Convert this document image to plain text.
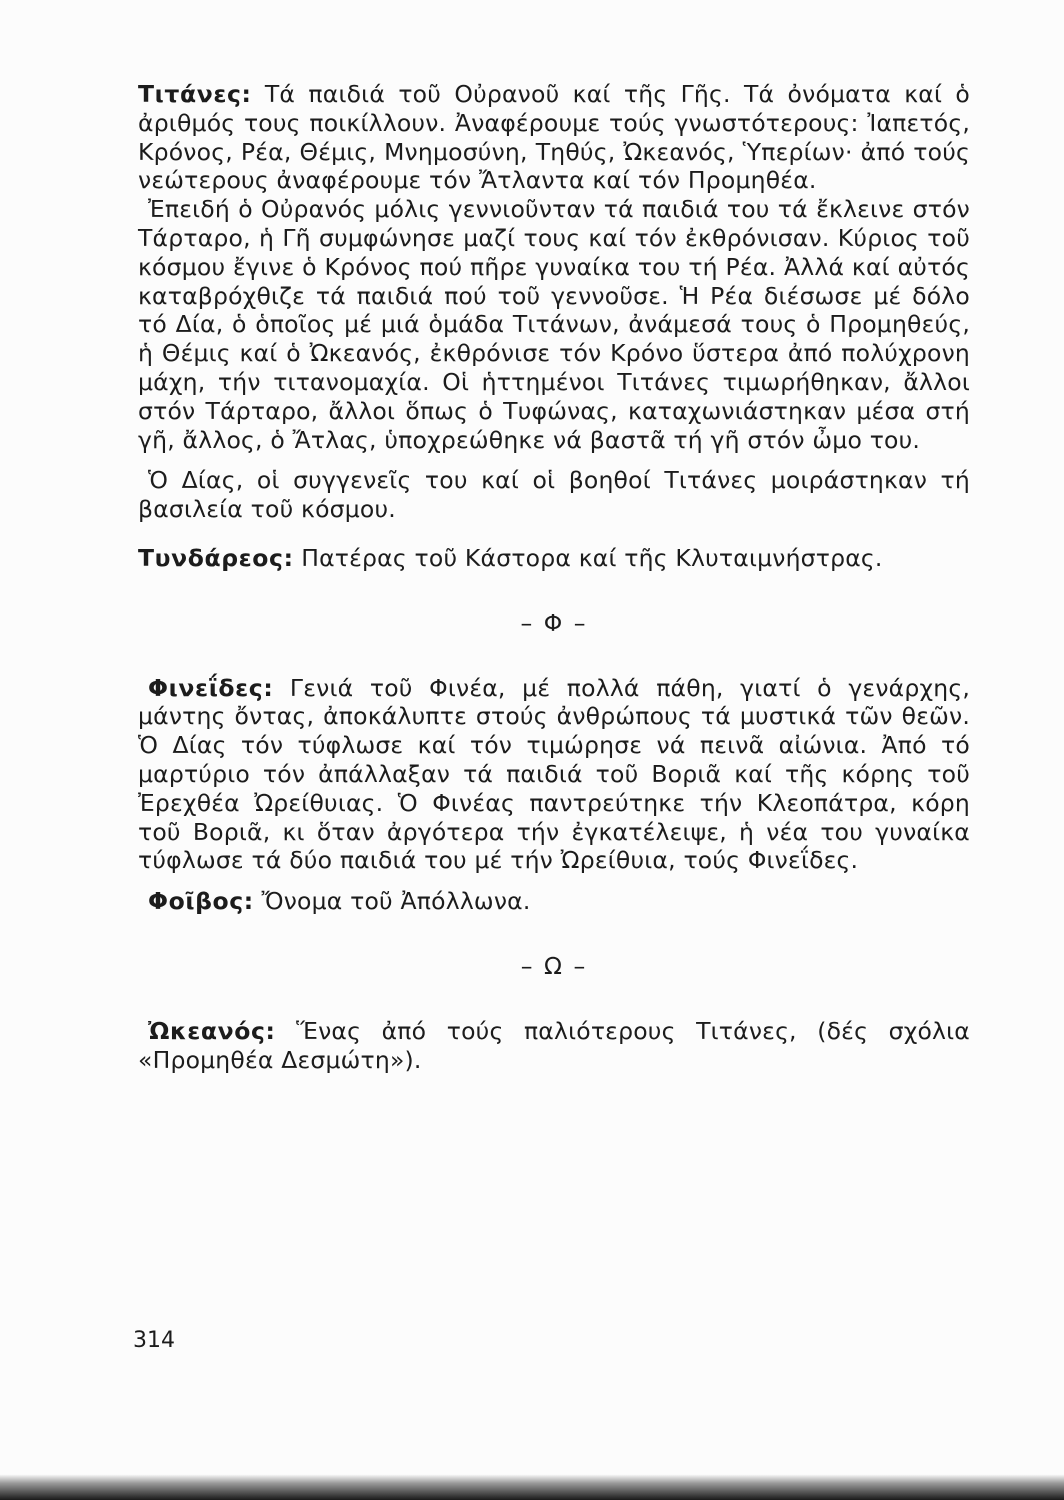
Τιτάνες: Τά παιδιά τοῦ Οὐρανοῦ καί τῆς Γῆς. Τά ὀνόματα καί ὁ ἀριθμός τους ποικίλλουν. Ἀναφέρουμε τούς γνωστότερους: Ἰαπετός, Κρόνος, Ρέα, Θέμις, Μνημοσύνη, Τηθύς, Ὠκεανός, Ὑπερίων· ἀπό τούς νεώτερους ἀναφέρουμε τόν Ἄτλαντα καί τόν Προμηθέα.

Ἐπειδή ὁ Οὐρανός μόλις γεννιοῦνταν τά παιδιά του τά ἔκλεινε στόν Τάρταρο, ἡ Γῆ συμφώνησε μαζί τους καί τόν ἐκθρόνισαν. Κύριος τοῦ κόσμου ἔγινε ὁ Κρόνος πού πῆρε γυναίκα του τή Ρέα. Ἀλλά καί αὐτός καταβρόχθιζε τά παιδιά πού τοῦ γεννοῦσε. Ἡ Ρέα διέσωσε μέ δόλο τό Δία, ὁ ὁποῖος μέ μιά ὁμάδα Τιτάνων, ἀνάμεσά τους ὁ Προμηθεύς, ἡ Θέμις καί ὁ Ὠκεανός, ἐκθρόνισε τόν Κρόνο ὕστερα ἀπό πολύχρονη μάχη, τήν τιτανομαχία. Οἱ ἡττημένοι Τιτάνες τιμωρήθηκαν, ἄλλοι στόν Τάρταρο, ἄλλοι ὅπως ὁ Τυφώνας, καταχωνιάστηκαν μέσα στή γῆ, ἄλλος, ὁ Ἄτλας, ὑποχρεώθηκε νά βαστᾶ τή γῆ στόν ὦμο του.

Ὁ Δίας, οἱ συγγενεῖς του καί οἱ βοηθοί Τιτάνες μοιράστηκαν τή βασιλεία τοῦ κόσμου.

Τυνδάρεος: Πατέρας τοῦ Κάστορα καί τῆς Κλυταιμνήστρας.

– Φ –

Φινεΐδες: Γενιά τοῦ Φινέα, μέ πολλά πάθη, γιατί ὁ γενάρχης, μάντης ὄντας, ἀποκάλυπτε στούς ἀνθρώπους τά μυστικά τῶν θεῶν. Ὁ Δίας τόν τύφλωσε καί τόν τιμώρησε νά πεινᾶ αἰώνια. Ἀπό τό μαρτύριο τόν ἀπάλλαξαν τά παιδιά τοῦ Βοριᾶ καί τῆς κόρης τοῦ Ἐρεχθέα Ὠρείθυιας. Ὁ Φινέας παντρεύτηκε τήν Κλεοπάτρα, κόρη τοῦ Βοριᾶ, κι ὅταν ἀργότερα τήν ἐγκατέλειψε, ἡ νέα του γυναίκα τύφλωσε τά δύο παιδιά του μέ τήν Ὠρείθυια, τούς Φινεΐδες.

Φοῖβος: Ὄνομα τοῦ Ἀπόλλωνα.

– Ω –

Ὠκεανός: Ἕνας ἀπό τούς παλιότερους Τιτάνες, (δές σχόλια «Προμηθέα Δεσμώτη»).

314
